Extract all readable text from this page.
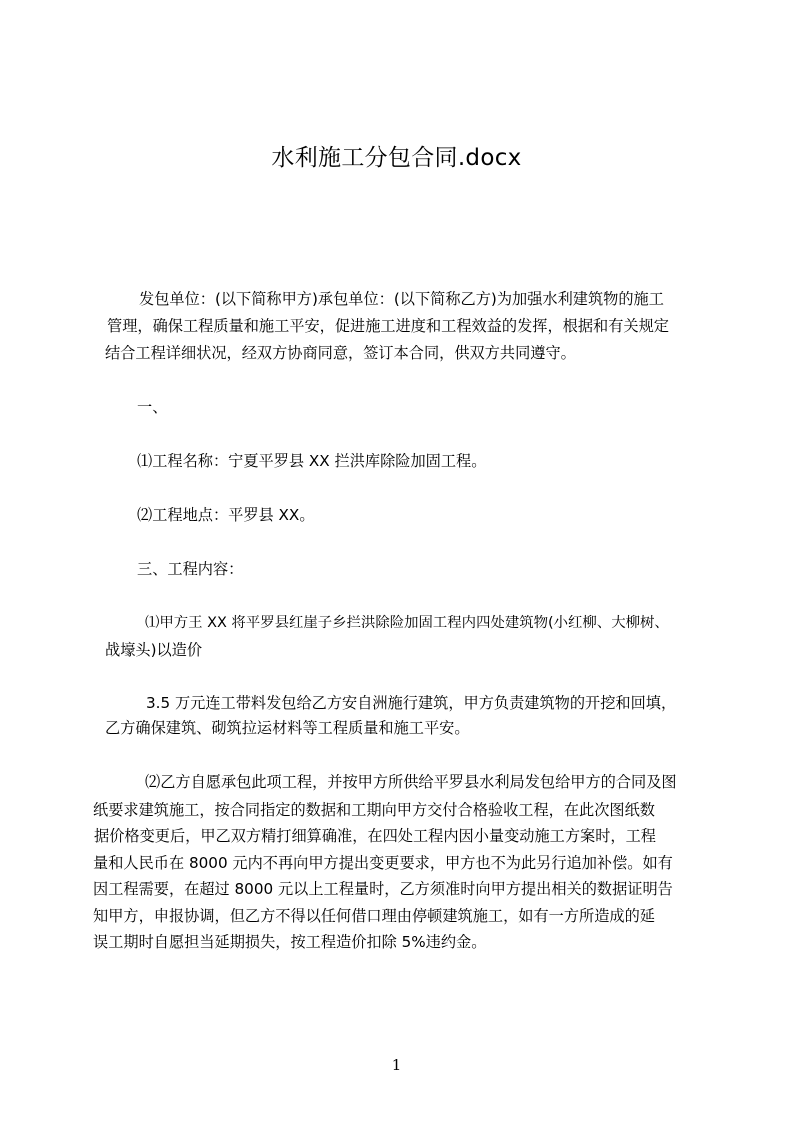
水利施工分包合同.docx
发包单位：(以下简称甲方)承包单位：(以下简称乙方)为加强水利建筑物的施工
管理，确保工程质量和施工平安，促进施工进度和工程效益的发挥，根据和有关规定
结合工程详细状况，经双方协商同意，签订本合同，供双方共同遵守。
一、
⑴工程名称：宁夏平罗县 XX 拦洪库除险加固工程。
⑵工程地点：平罗县 XX。
三、工程内容：
⑴甲方王 XX 将平罗县红崖子乡拦洪除险加固工程内四处建筑物(小红柳、大柳树、
战壕头)以造价
3.5 万元连工带料发包给乙方安自洲施行建筑，甲方负责建筑物的开挖和回填，
乙方确保建筑、砌筑拉运材料等工程质量和施工平安。
⑵乙方自愿承包此项工程，并按甲方所供给平罗县水利局发包给甲方的合同及图
纸要求建筑施工，按合同指定的数据和工期向甲方交付合格验收工程，在此次图纸数
据价格变更后，甲乙双方精打细算确准，在四处工程内因小量变动施工方案时，工程
量和人民币在 8000 元内不再向甲方提出变更要求，甲方也不为此另行追加补偿。如有
因工程需要，在超过 8000 元以上工程量时，乙方须准时向甲方提出相关的数据证明告
知甲方，申报协调，但乙方不得以任何借口理由停顿建筑施工，如有一方所造成的延
误工期时自愿担当延期损失，按工程造价扣除 5%违约金。
1
